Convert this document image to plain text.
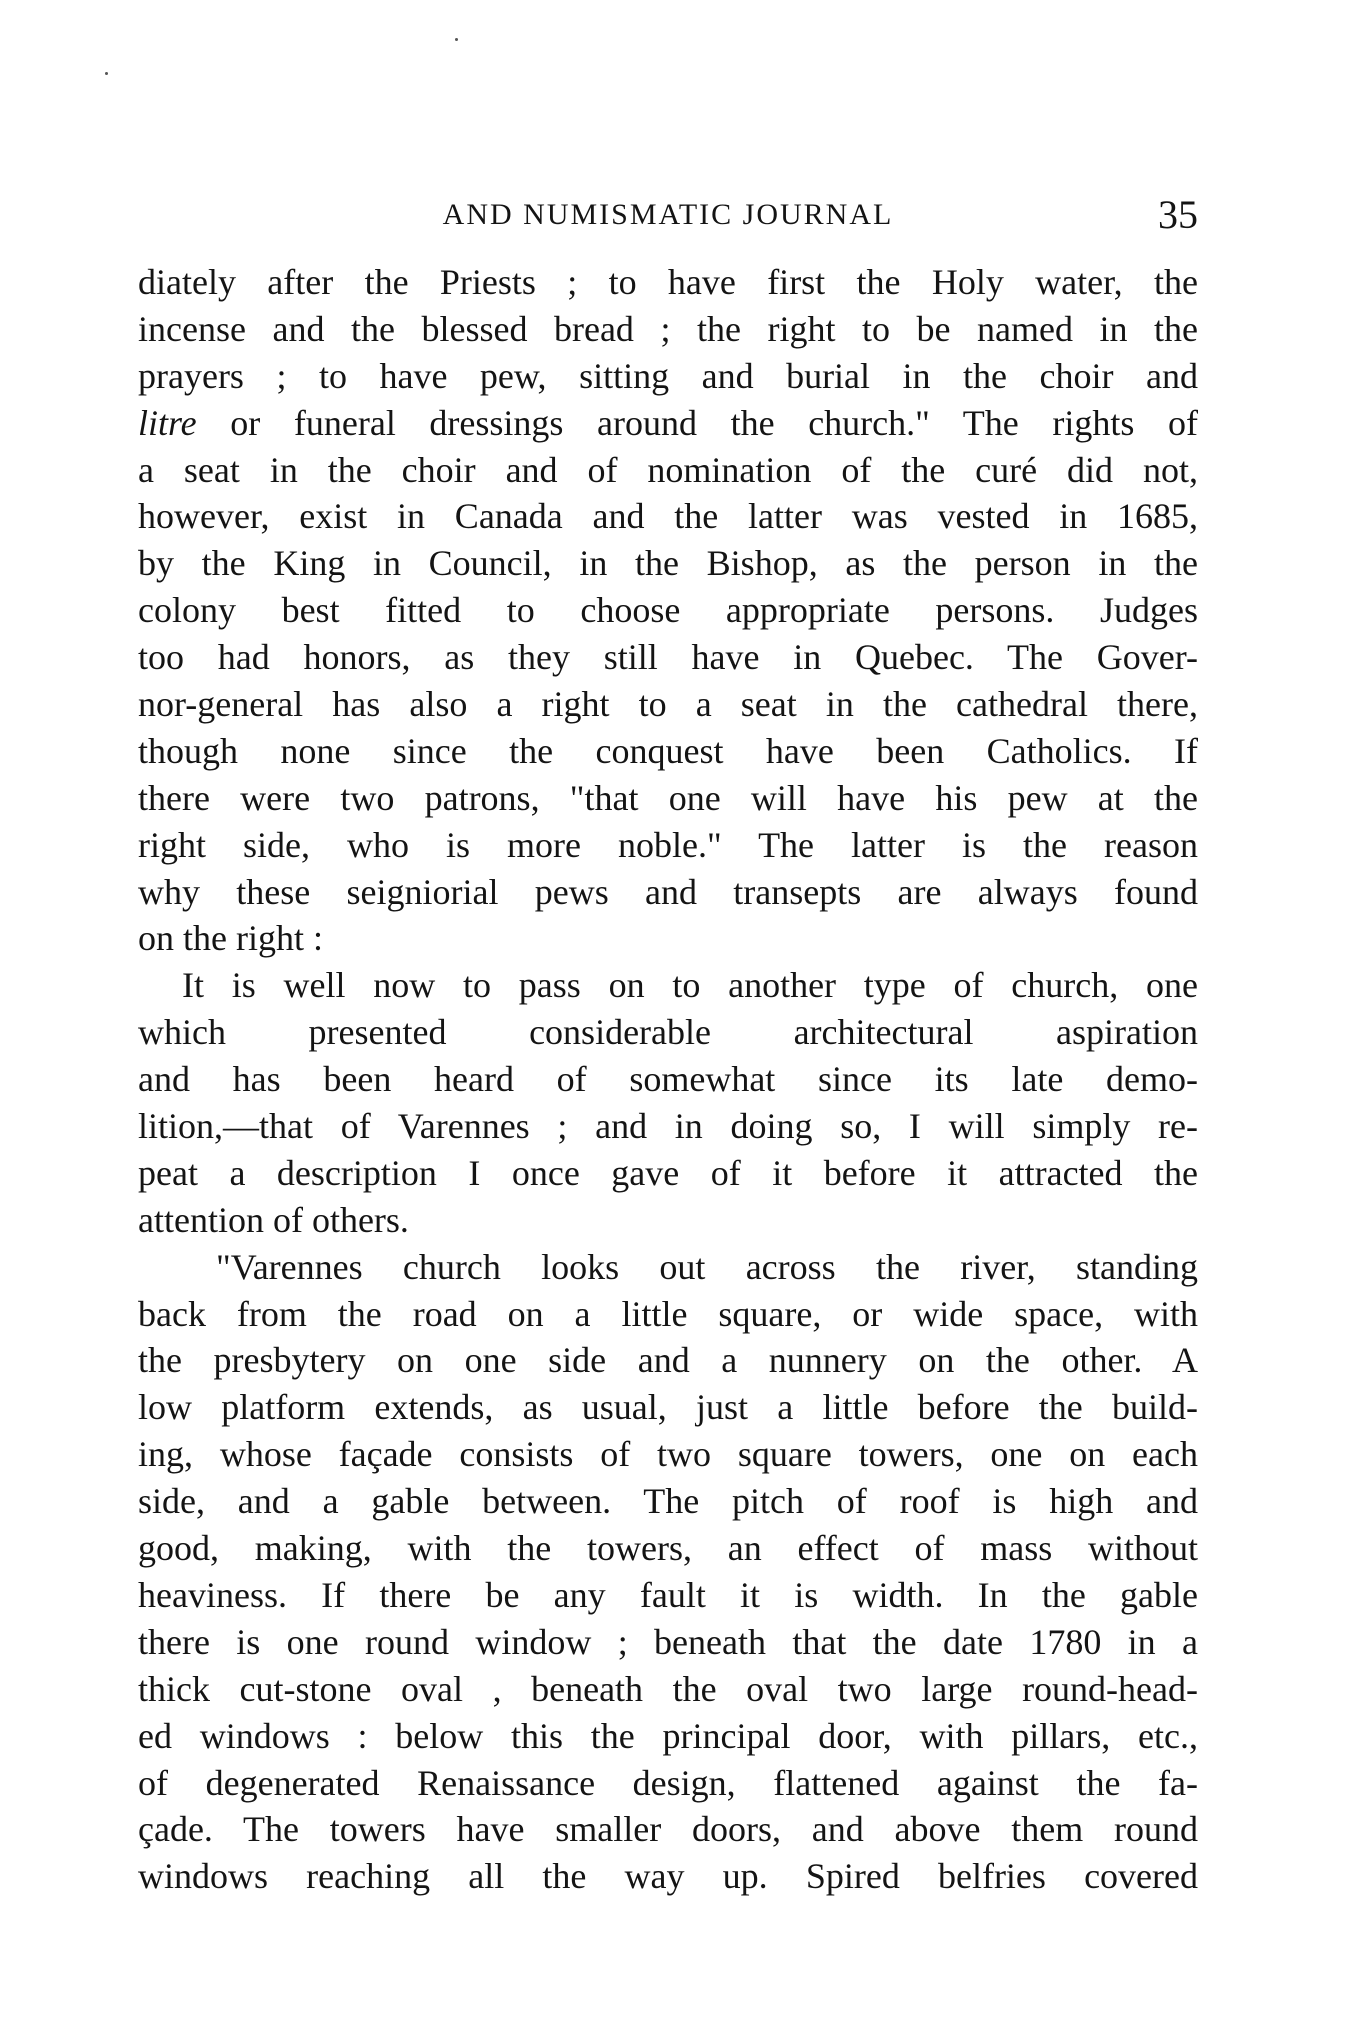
AND NUMISMATIC JOURNAL	35
diately after the Priests ; to have first the Holy water, the
incense and the blessed bread ; the right to be named in the
prayers ; to have pew, sitting and burial in the choir and
litre or funeral dressings around the church." The rights of
a seat in the choir and of nomination of the curé did not,
however, exist in Canada and the latter was vested in 1685,
by the King in Council, in the Bishop, as the person in the
colony best fitted to choose appropriate persons. Judges
too had honors, as they still have in Quebec. The Gover-
nor-general has also a right to a seat in the cathedral there,
though none since the conquest have been Catholics. If
there were two patrons, "that one will have his pew at the
right side, who is more noble." The latter is the reason
why these seigniorial pews and transepts are always found
on the right :
It is well now to pass on to another type of church, one
which presented considerable architectural aspiration
and has been heard of somewhat since its late demo-
lition,—that of Varennes ; and in doing so, I will simply re-
peat a description I once gave of it before it attracted the
attention of others.
"Varennes church looks out across the river, standing
back from the road on a little square, or wide space, with
the presbytery on one side and a nunnery on the other. A
low platform extends, as usual, just a little before the build-
ing, whose façade consists of two square towers, one on each
side, and a gable between. The pitch of roof is high and
good, making, with the towers, an effect of mass without
heaviness. If there be any fault it is width. In the gable
there is one round window ; beneath that the date 1780 in a
thick cut-stone oval , beneath the oval two large round-head-
ed windows : below this the principal door, with pillars, etc.,
of degenerated Renaissance design, flattened against the fa-
çade. The towers have smaller doors, and above them round
windows reaching all the way up. Spired belfries covered
